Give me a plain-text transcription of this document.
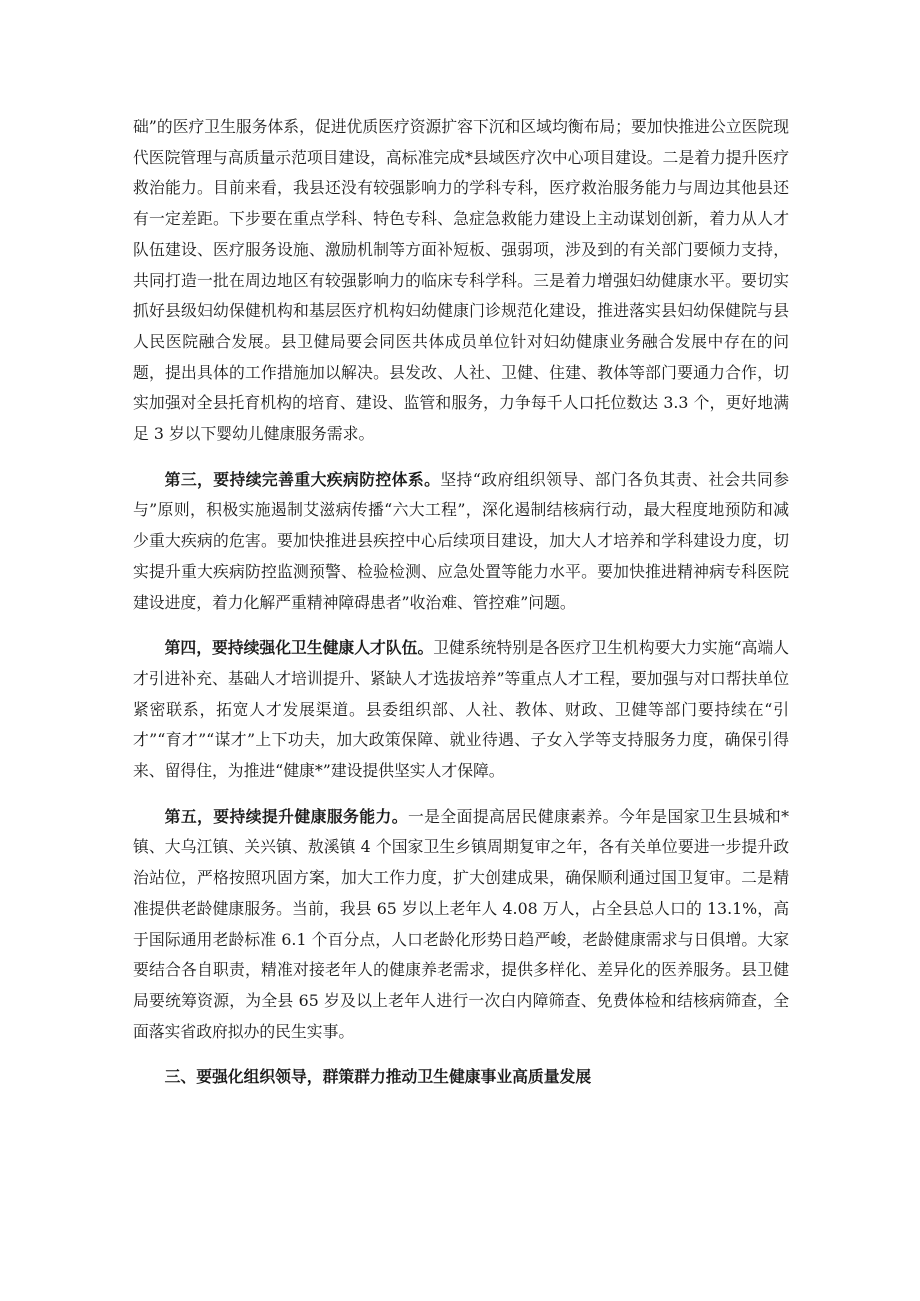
础”的医疗卫生服务体系，促进优质医疗资源扩容下沉和区域均衡布局；要加快推进公立医院现代医院管理与高质量示范项目建设，高标准完成*县域医疗次中心项目建设。二是着力提升医疗救治能力。目前来看，我县还没有较强影响力的学科专科，医疗救治服务能力与周边其他县还有一定差距。下步要在重点学科、特色专科、急症急救能力建设上主动谋划创新，着力从人才队伍建设、医疗服务设施、激励机制等方面补短板、强弱项，涉及到的有关部门要倾力支持，共同打造一批在周边地区有较强影响力的临床专科学科。三是着力增强妇幼健康水平。要切实抓好县级妇幼保健机构和基层医疗机构妇幼健康门诊规范化建设，推进落实县妇幼保健院与县人民医院融合发展。县卫健局要会同医共体成员单位针对妇幼健康业务融合发展中存在的问题，提出具体的工作措施加以解决。县发改、人社、卫健、住建、教体等部门要通力合作，切实加强对全县托育机构的培育、建设、监管和服务，力争每千人口托位数达 3.3 个，更好地满足 3 岁以下婴幼儿健康服务需求。

第三，要持续完善重大疾病防控体系。坚持“政府组织领导、部门各负其责、社会共同参与”原则，积极实施遏制艾滋病传播“六大工程”，深化遏制结核病行动，最大程度地预防和减少重大疾病的危害。要加快推进县疾控中心后续项目建设，加大人才培养和学科建设力度，切实提升重大疾病防控监测预警、检验检测、应急处置等能力水平。要加快推进精神病专科医院建设进度，着力化解严重精神障碍患者”收治难、管控难”问题。

第四，要持续强化卫生健康人才队伍。卫健系统特别是各医疗卫生机构要大力实施“高端人才引进补充、基础人才培训提升、紧缺人才选拔培养”等重点人才工程，要加强与对口帮扶单位紧密联系，拓宽人才发展渠道。县委组织部、人社、教体、财政、卫健等部门要持续在“引才”“育才”“谋才”上下功夫，加大政策保障、就业待遇、子女入学等支持服务力度，确保引得来、留得住，为推进“健康*”建设提供坚实人才保障。

第五，要持续提升健康服务能力。一是全面提高居民健康素养。今年是国家卫生县城和*镇、大乌江镇、关兴镇、敖溪镇 4 个国家卫生乡镇周期复审之年，各有关单位要进一步提升政治站位，严格按照巩固方案，加大工作力度，扩大创建成果，确保顺利通过国卫复审。二是精准提供老龄健康服务。当前，我县 65 岁以上老年人 4.08 万人，占全县总人口的 13.1%，高于国际通用老龄标准 6.1 个百分点，人口老龄化形势日趋严峻，老龄健康需求与日俱增。大家要结合各自职责，精准对接老年人的健康养老需求，提供多样化、差异化的医养服务。县卫健局要统筹资源，为全县 65 岁及以上老年人进行一次白内障筛查、免费体检和结核病筛查，全面落实省政府拟办的民生实事。

三、要强化组织领导，群策群力推动卫生健康事业高质量发展
